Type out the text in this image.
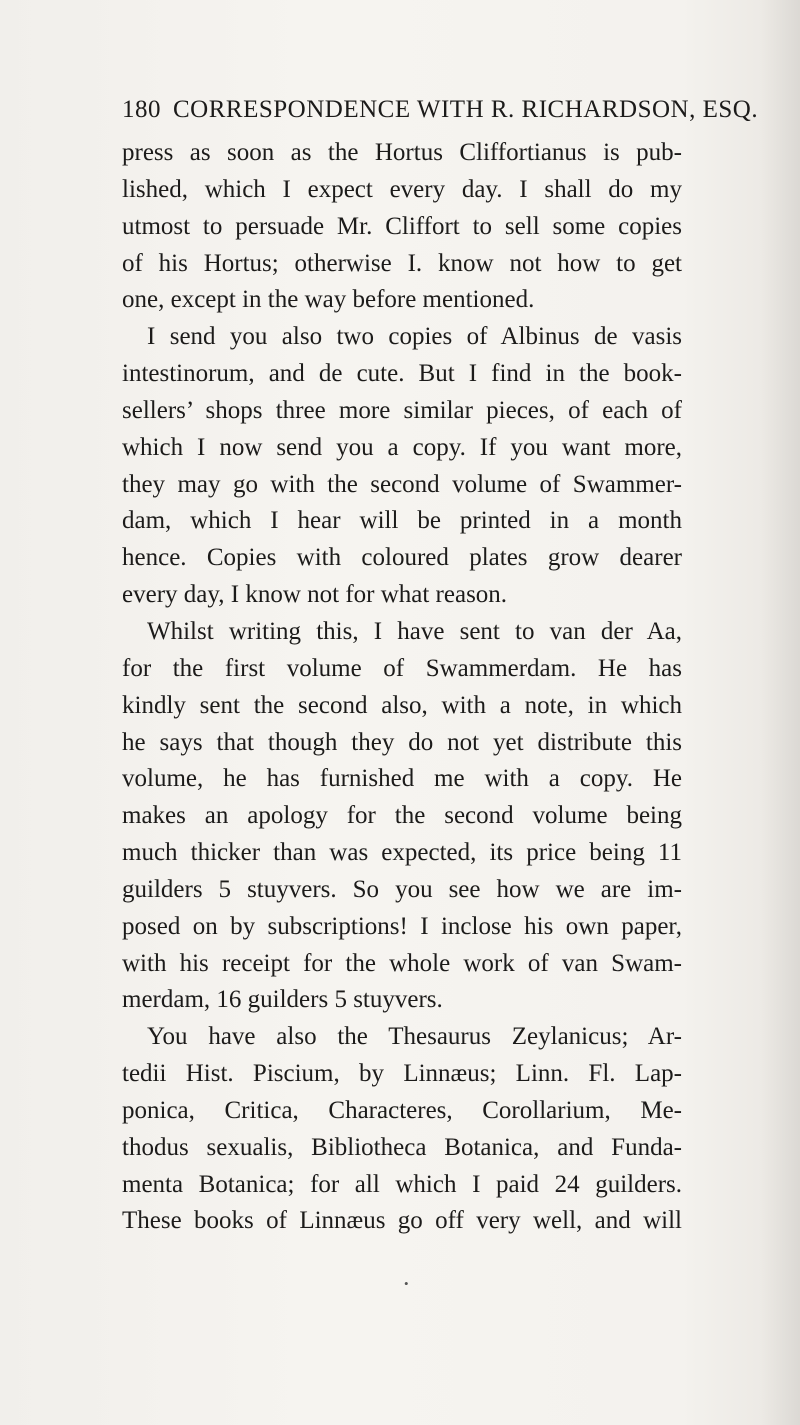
180 CORRESPONDENCE WITH R. RICHARDSON, ESQ.
press as soon as the Hortus Cliffortianus is pub-
lished, which I expect every day. I shall do my
utmost to persuade Mr. Cliffort to sell some copies
of his Hortus; otherwise I. know not how to get
one, except in the way before mentioned.
I send you also two copies of Albinus de vasis
intestinorum, and de cute. But I find in the book-
sellers’ shops three more similar pieces, of each of
which I now send you a copy. If you want more,
they may go with the second volume of Swammer-
dam, which I hear will be printed in a month
hence. Copies with coloured plates grow dearer
every day, I know not for what reason.
Whilst writing this, I have sent to van der Aa,
for the first volume of Swammerdam. He has
kindly sent the second also, with a note, in which
he says that though they do not yet distribute this
volume, he has furnished me with a copy. He
makes an apology for the second volume being
much thicker than was expected, its price being 11
guilders 5 stuyvers. So you see how we are im-
posed on by subscriptions! I inclose his own paper,
with his receipt for the whole work of van Swam-
merdam, 16 guilders 5 stuyvers.
You have also the Thesaurus Zeylanicus; Ar-
tedii Hist. Piscium, by Linnæus; Linn. Fl. Lap-
ponica, Critica, Characteres, Corollarium, Me-
thodus sexualis, Bibliotheca Botanica, and Funda-
menta Botanica; for all which I paid 24 guilders.
These books of Linnæus go off very well, and will
•
